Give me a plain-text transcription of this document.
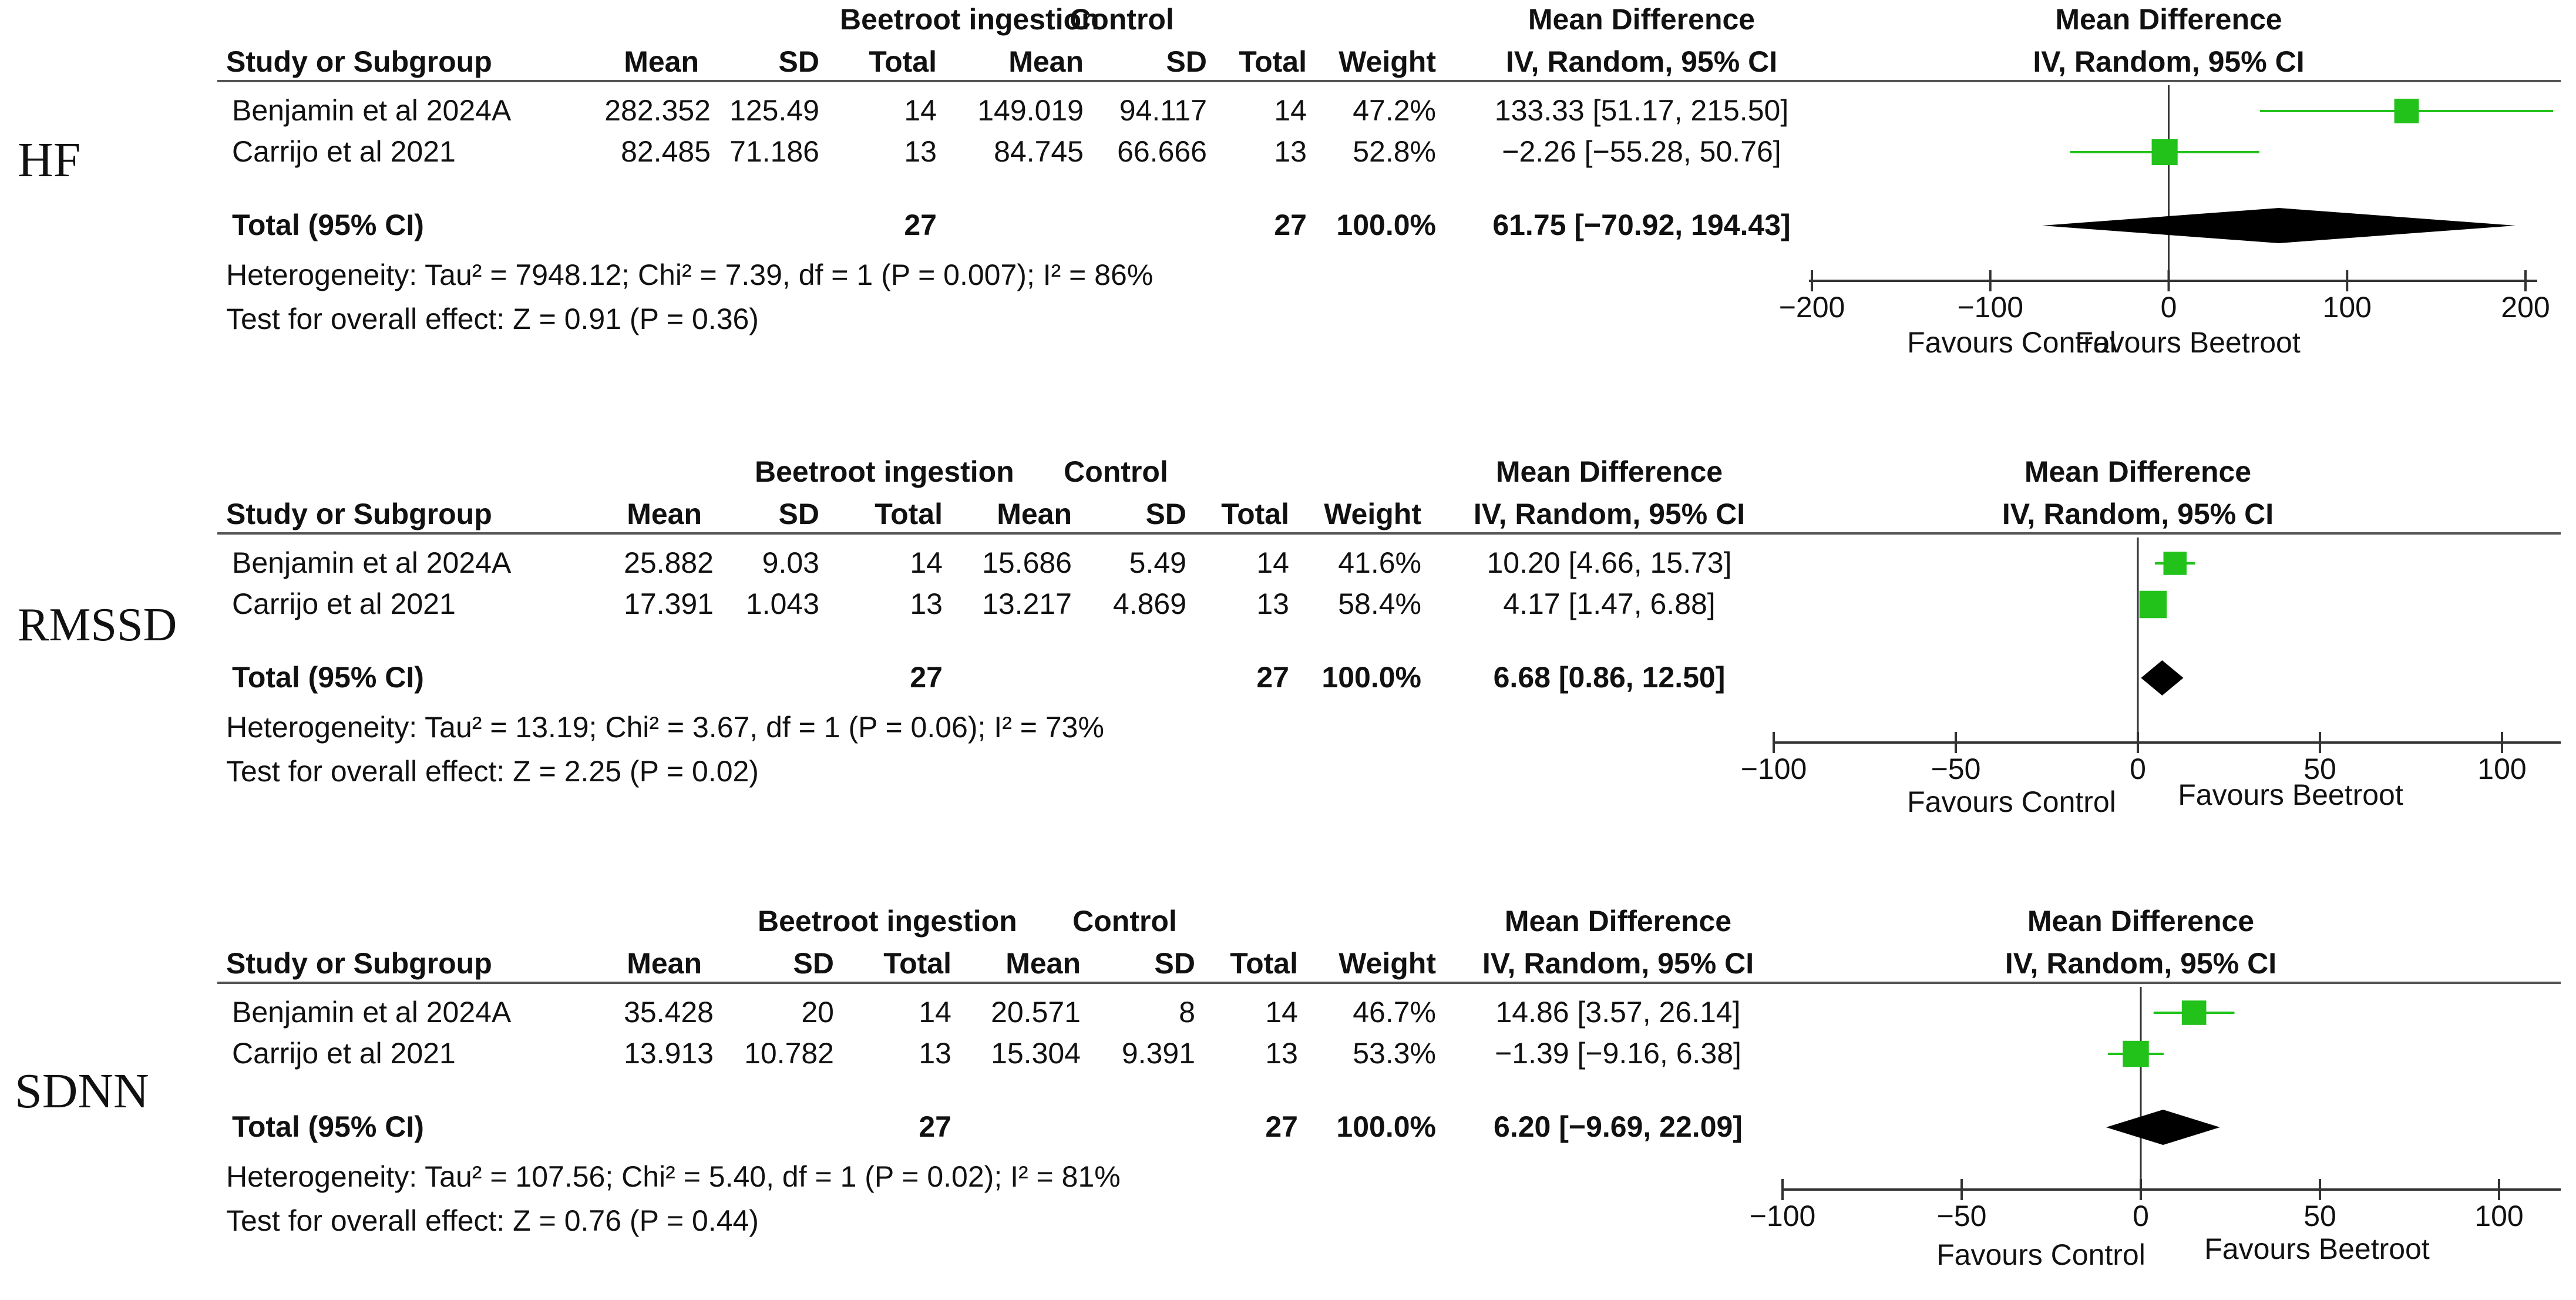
HF
Beetroot ingestion
Control	Mean Difference	Mean Difference
Study or Subgroup	Mean	SD Total Mean	SD Total Weight IV, Random, 95% CI	IV, Random, 95% CI
Benjamin et al 2024A	282.352 125.49	14 149.019 94.117 14 47.2% 133.33 [51.17, 215.50]
Carrijo et al 2021	82.485 71.186	13 84.745 66.666 13 52.8% −2.26 [−55.28, 50.76]
Total (95% CI)	27	27 100.0% 61.75 [−70.92, 194.43]
Heterogeneity: Tau² = 7948.12; Chi² = 7.39, df = 1 (P = 0.007); I² = 86%
Test for overall effect: Z = 0.91 (P = 0.36)	−200	−100	0	100	200
Favours Control
Favours Beetroot
RMSSD
Beetroot ingestion Control	Mean Difference	Mean Difference
Study or Subgroup	Mean	SD Total Mean	SD Total Weight IV, Random, 95% CI	IV, Random, 95% CI
Benjamin et al 2024A	25.882 9.03	14 15.686 5.49 14 41.6% 10.20 [4.66, 15.73]
Carrijo et al 2021	17.391 1.043	13 13.217 4.869 13 58.4%	4.17 [1.47, 6.88]
Total (95% CI)	27	27 100.0% 6.68 [0.86, 12.50]
Heterogeneity: Tau² = 13.19; Chi² = 3.67, df = 1 (P = 0.06); I² = 73%
Test for overall effect: Z = 2.25 (P = 0.02)	−100	−50	0	50	100
Favours Control Favours Beetroot
SDNN
Beetroot ingestion Control	Mean Difference	Mean Difference
Study or Subgroup	Mean	SD Total Mean	SD Total Weight IV, Random, 95% CI	IV, Random, 95% CI
Benjamin et al 2024A	35.428	20	14 20.571	8 14 46.7% 14.86 [3.57, 26.14]
Carrijo et al 2021	13.913 10.782	13 15.304 9.391 13 53.3% −1.39 [−9.16, 6.38]
Total (95% CI)	27	27 100.0% 6.20 [−9.69, 22.09]
Heterogeneity: Tau² = 107.56; Chi² = 5.40, df = 1 (P = 0.02); I² = 81%
Test for overall effect: Z = 0.76 (P = 0.44)	−100	−50	0	50	100
Favours Control Favours Beetroot
